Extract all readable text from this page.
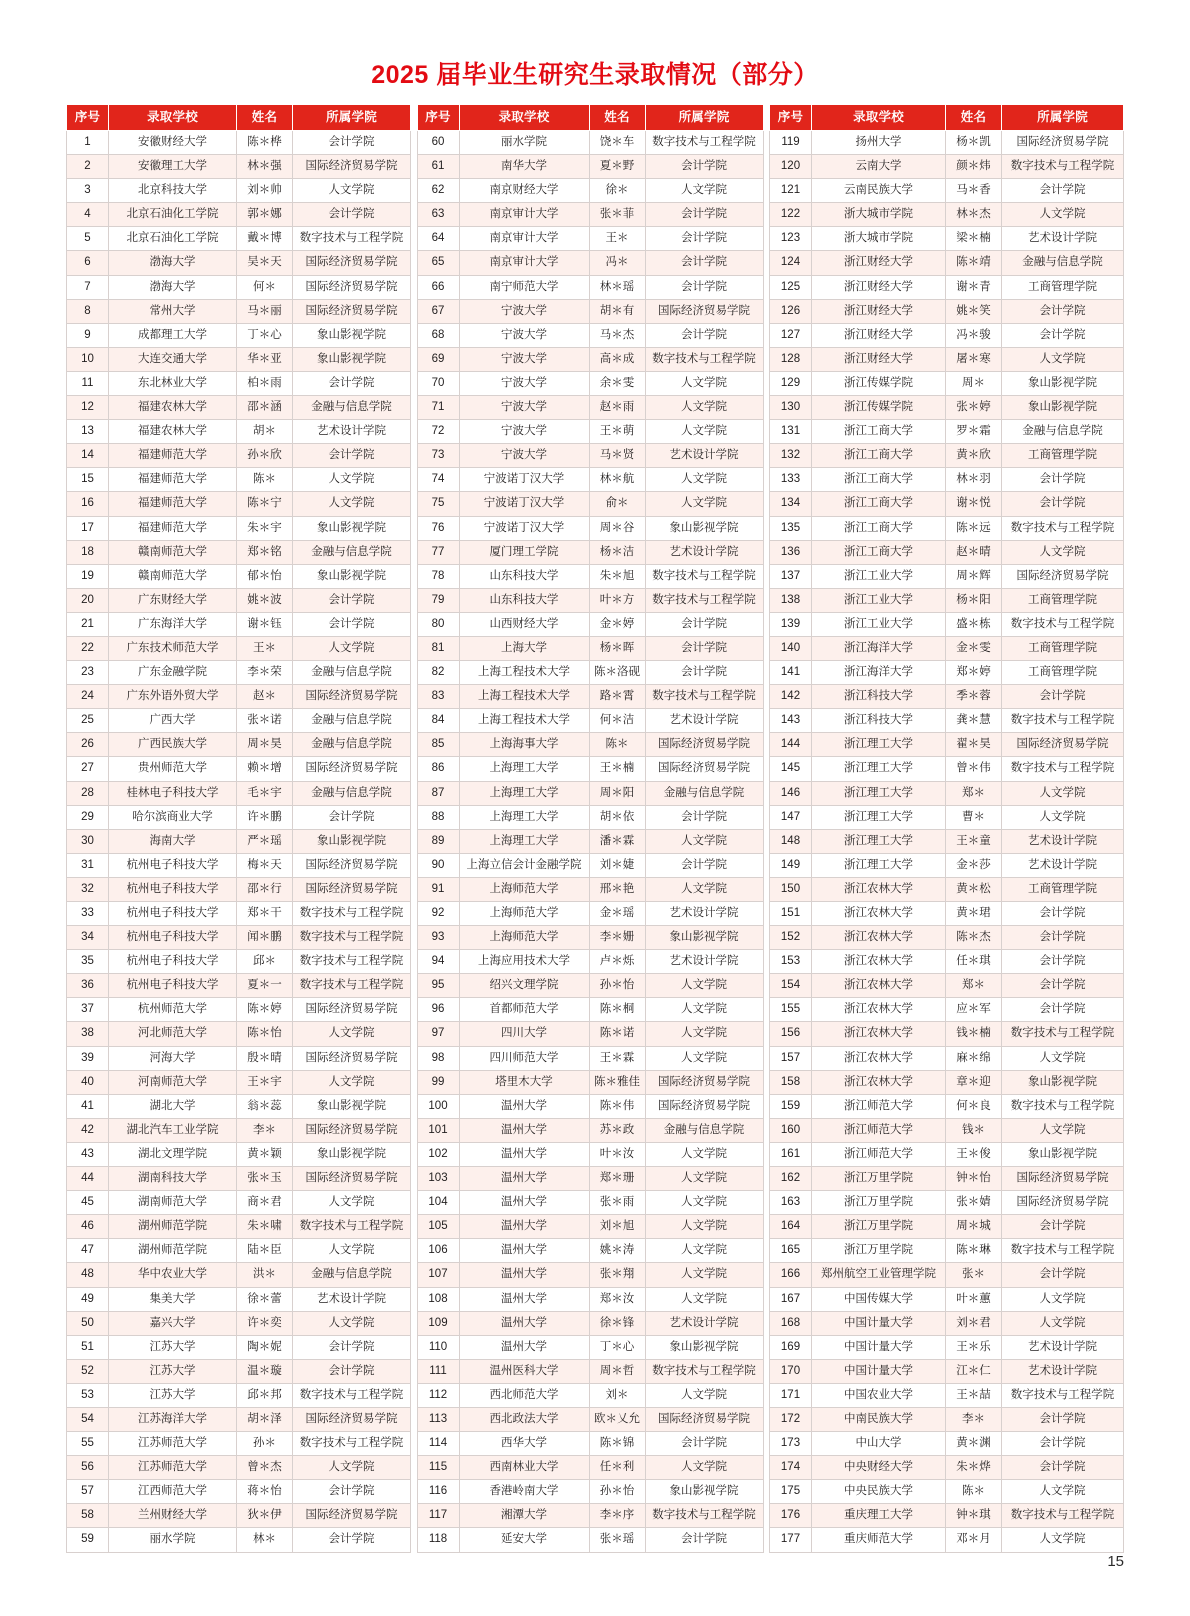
2025 届毕业生研究生录取情况（部分）
序号	录取学校	姓名	所属学院
1	安徽财经大学	陈＊桦	会计学院
2	安徽理工大学	林＊强	国际经济贸易学院
3	北京科技大学	刘＊帅	人文学院
4	北京石油化工学院	郭＊娜	会计学院
5	北京石油化工学院	戴＊博	数字技术与工程学院
6	渤海大学	吴＊天	国际经济贸易学院
7	渤海大学	何＊	国际经济贸易学院
8	常州大学	马＊丽	国际经济贸易学院
9	成都理工大学	丁＊心	象山影视学院
10	大连交通大学	华＊亚	象山影视学院
11	东北林业大学	柏＊雨	会计学院
12	福建农林大学	邵＊涵	金融与信息学院
13	福建农林大学	胡＊	艺术设计学院
14	福建师范大学	孙＊欣	会计学院
15	福建师范大学	陈＊	人文学院
16	福建师范大学	陈＊宁	人文学院
17	福建师范大学	朱＊宇	象山影视学院
18	赣南师范大学	郑＊铭	金融与信息学院
19	赣南师范大学	郁＊怡	象山影视学院
20	广东财经大学	姚＊波	会计学院
21	广东海洋大学	谢＊钰	会计学院
22	广东技术师范大学	王＊	人文学院
23	广东金融学院	李＊荣	金融与信息学院
24	广东外语外贸大学	赵＊	国际经济贸易学院
25	广西大学	张＊诺	金融与信息学院
26	广西民族大学	周＊昊	金融与信息学院
27	贵州师范大学	赖＊增	国际经济贸易学院
28	桂林电子科技大学	毛＊宇	金融与信息学院
29	哈尔滨商业大学	许＊鹏	会计学院
30	海南大学	严＊瑶	象山影视学院
31	杭州电子科技大学	梅＊天	国际经济贸易学院
32	杭州电子科技大学	邵＊行	国际经济贸易学院
33	杭州电子科技大学	郑＊干	数字技术与工程学院
34	杭州电子科技大学	闻＊鹏	数字技术与工程学院
35	杭州电子科技大学	邱＊	数字技术与工程学院
36	杭州电子科技大学	夏＊一	数字技术与工程学院
37	杭州师范大学	陈＊婷	国际经济贸易学院
38	河北师范大学	陈＊怡	人文学院
39	河海大学	殷＊晴	国际经济贸易学院
40	河南师范大学	王＊宇	人文学院
41	湖北大学	翁＊蕊	象山影视学院
42	湖北汽车工业学院	李＊	国际经济贸易学院
43	湖北文理学院	黄＊颖	象山影视学院
44	湖南科技大学	张＊玉	国际经济贸易学院
45	湖南师范大学	商＊君	人文学院
46	湖州师范学院	朱＊啸	数字技术与工程学院
47	湖州师范学院	陆＊臣	人文学院
48	华中农业大学	洪＊	金融与信息学院
49	集美大学	徐＊蕾	艺术设计学院
50	嘉兴大学	许＊奕	人文学院
51	江苏大学	陶＊妮	会计学院
52	江苏大学	温＊璇	会计学院
53	江苏大学	邱＊邦	数字技术与工程学院
54	江苏海洋大学	胡＊泽	国际经济贸易学院
55	江苏师范大学	孙＊	数字技术与工程学院
56	江苏师范大学	曾＊杰	人文学院
57	江西师范大学	蒋＊怡	会计学院
58	兰州财经大学	狄＊伊	国际经济贸易学院
59	丽水学院	林＊	会计学院
序号	录取学校	姓名	所属学院
60	丽水学院	饶＊车	数字技术与工程学院
61	南华大学	夏＊野	会计学院
62	南京财经大学	徐＊	人文学院
63	南京审计大学	张＊菲	会计学院
64	南京审计大学	王＊	会计学院
65	南京审计大学	冯＊	会计学院
66	南宁师范大学	林＊瑶	会计学院
67	宁波大学	胡＊有	国际经济贸易学院
68	宁波大学	马＊杰	会计学院
69	宁波大学	高＊成	数字技术与工程学院
70	宁波大学	余＊雯	人文学院
71	宁波大学	赵＊雨	人文学院
72	宁波大学	王＊萌	人文学院
73	宁波大学	马＊贤	艺术设计学院
74	宁波诺丁汉大学	林＊航	人文学院
75	宁波诺丁汉大学	俞＊	人文学院
76	宁波诺丁汉大学	周＊谷	象山影视学院
77	厦门理工学院	杨＊洁	艺术设计学院
78	山东科技大学	朱＊旭	数字技术与工程学院
79	山东科技大学	叶＊方	数字技术与工程学院
80	山西财经大学	金＊婷	会计学院
81	上海大学	杨＊晖	会计学院
82	上海工程技术大学	陈＊洛砚	会计学院
83	上海工程技术大学	路＊霄	数字技术与工程学院
84	上海工程技术大学	何＊洁	艺术设计学院
85	上海海事大学	陈＊	国际经济贸易学院
86	上海理工大学	王＊楠	国际经济贸易学院
87	上海理工大学	周＊阳	金融与信息学院
88	上海理工大学	胡＊依	会计学院
89	上海理工大学	潘＊霖	人文学院
90	上海立信会计金融学院	刘＊婕	会计学院
91	上海师范大学	邢＊艳	人文学院
92	上海师范大学	金＊瑶	艺术设计学院
93	上海师范大学	李＊姗	象山影视学院
94	上海应用技术大学	卢＊烁	艺术设计学院
95	绍兴文理学院	孙＊怡	人文学院
96	首都师范大学	陈＊桐	人文学院
97	四川大学	陈＊诺	人文学院
98	四川师范大学	王＊霖	人文学院
99	塔里木大学	陈＊雅佳	国际经济贸易学院
100	温州大学	陈＊伟	国际经济贸易学院
101	温州大学	苏＊政	金融与信息学院
102	温州大学	叶＊汝	人文学院
103	温州大学	郑＊珊	人文学院
104	温州大学	张＊雨	人文学院
105	温州大学	刘＊旭	人文学院
106	温州大学	姚＊涛	人文学院
107	温州大学	张＊翔	人文学院
108	温州大学	郑＊汝	人文学院
109	温州大学	徐＊锋	艺术设计学院
110	温州大学	丁＊心	象山影视学院
111	温州医科大学	周＊哲	数字技术与工程学院
112	西北师范大学	刘＊	人文学院
113	西北政法大学	欧＊乂允	国际经济贸易学院
114	西华大学	陈＊锦	会计学院
115	西南林业大学	任＊利	人文学院
116	香港岭南大学	孙＊怡	象山影视学院
117	湘潭大学	李＊序	数字技术与工程学院
118	延安大学	张＊瑶	会计学院
序号	录取学校	姓名	所属学院
119	扬州大学	杨＊凯	国际经济贸易学院
120	云南大学	颜＊炜	数字技术与工程学院
121	云南民族大学	马＊香	会计学院
122	浙大城市学院	林＊杰	人文学院
123	浙大城市学院	梁＊楠	艺术设计学院
124	浙江财经大学	陈＊靖	金融与信息学院
125	浙江财经大学	谢＊青	工商管理学院
126	浙江财经大学	姚＊笑	会计学院
127	浙江财经大学	冯＊骏	会计学院
128	浙江财经大学	屠＊寒	人文学院
129	浙江传媒学院	周＊	象山影视学院
130	浙江传媒学院	张＊婷	象山影视学院
131	浙江工商大学	罗＊霜	金融与信息学院
132	浙江工商大学	黄＊欣	工商管理学院
133	浙江工商大学	林＊羽	会计学院
134	浙江工商大学	谢＊悦	会计学院
135	浙江工商大学	陈＊远	数字技术与工程学院
136	浙江工商大学	赵＊晴	人文学院
137	浙江工业大学	周＊辉	国际经济贸易学院
138	浙江工业大学	杨＊阳	工商管理学院
139	浙江工业大学	盛＊栋	数字技术与工程学院
140	浙江海洋大学	金＊雯	工商管理学院
141	浙江海洋大学	郑＊婷	工商管理学院
142	浙江科技大学	季＊蓉	会计学院
143	浙江科技大学	龚＊慧	数字技术与工程学院
144	浙江理工大学	翟＊昊	国际经济贸易学院
145	浙江理工大学	曾＊伟	数字技术与工程学院
146	浙江理工大学	郑＊	人文学院
147	浙江理工大学	曹＊	人文学院
148	浙江理工大学	王＊童	艺术设计学院
149	浙江理工大学	金＊莎	艺术设计学院
150	浙江农林大学	黄＊松	工商管理学院
151	浙江农林大学	黄＊珺	会计学院
152	浙江农林大学	陈＊杰	会计学院
153	浙江农林大学	任＊琪	会计学院
154	浙江农林大学	郑＊	会计学院
155	浙江农林大学	应＊军	会计学院
156	浙江农林大学	钱＊楠	数字技术与工程学院
157	浙江农林大学	麻＊绵	人文学院
158	浙江农林大学	章＊迎	象山影视学院
159	浙江师范大学	何＊良	数字技术与工程学院
160	浙江师范大学	钱＊	人文学院
161	浙江师范大学	王＊俊	象山影视学院
162	浙江万里学院	钟＊怡	国际经济贸易学院
163	浙江万里学院	张＊婧	国际经济贸易学院
164	浙江万里学院	周＊城	会计学院
165	浙江万里学院	陈＊琳	数字技术与工程学院
166	郑州航空工业管理学院	张＊	会计学院
167	中国传媒大学	叶＊蕙	人文学院
168	中国计量大学	刘＊君	人文学院
169	中国计量大学	王＊乐	艺术设计学院
170	中国计量大学	江＊仁	艺术设计学院
171	中国农业大学	王＊喆	数字技术与工程学院
172	中南民族大学	李＊	会计学院
173	中山大学	黄＊渊	会计学院
174	中央财经大学	朱＊烨	会计学院
175	中央民族大学	陈＊	人文学院
176	重庆理工大学	钟＊琪	数字技术与工程学院
177	重庆师范大学	邓＊月	人文学院
15
